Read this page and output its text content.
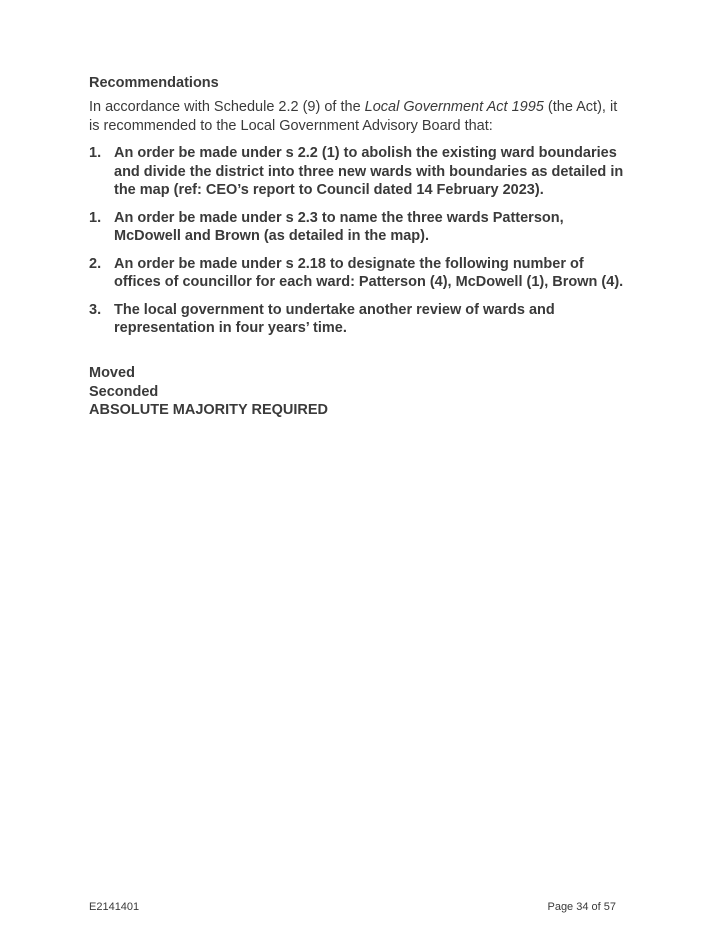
Recommendations
In accordance with Schedule 2.2 (9) of the Local Government Act 1995 (the Act), it is recommended to the Local Government Advisory Board that:
1. An order be made under s 2.2 (1) to abolish the existing ward boundaries and divide the district into three new wards with boundaries as detailed in the map (ref: CEO’s report to Council dated 14 February 2023).
1. An order be made under s 2.3 to name the three wards Patterson, McDowell and Brown (as detailed in the map).
2. An order be made under s 2.18 to designate the following number of offices of councillor for each ward: Patterson (4), McDowell (1), Brown (4).
3. The local government to undertake another review of wards and representation in four years’ time.
Moved
Seconded
ABSOLUTE MAJORITY REQUIRED
E2141401	Page 34 of 57
